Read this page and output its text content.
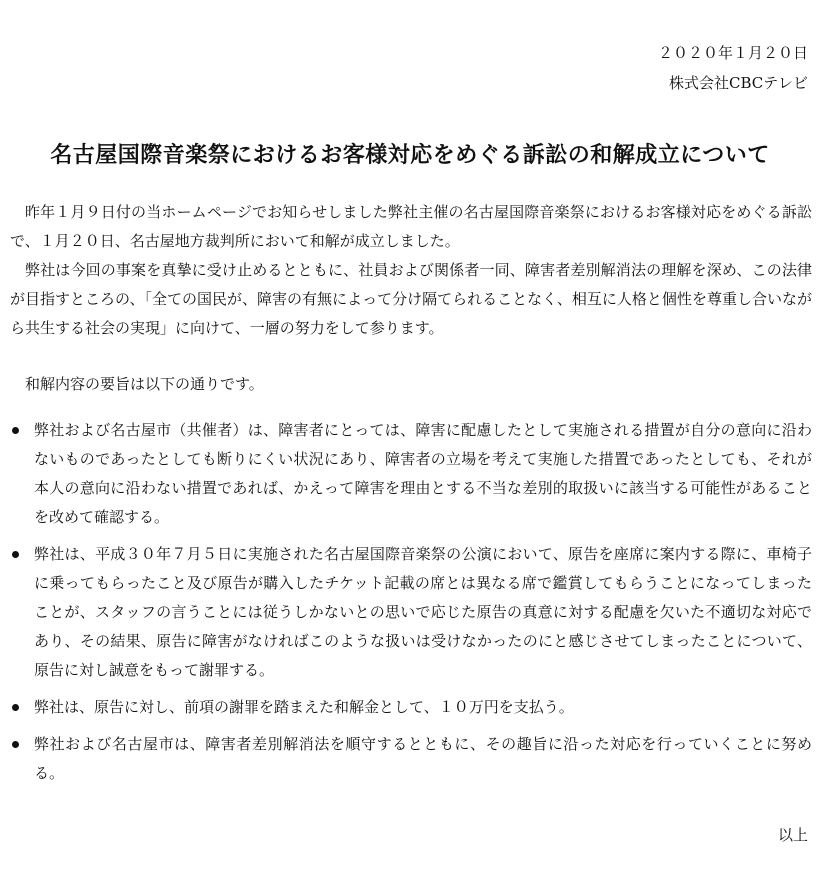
２０２０年１月２０日
株式会社CBCテレビ
名古屋国際音楽祭におけるお客様対応をめぐる訴訟の和解成立について

昨年１月９日付の当ホームページでお知らせしました弊社主催の名古屋国際音楽祭におけるお客様対応をめぐる訴訟で、１月２０日、名古屋地方裁判所において和解が成立しました。

弊社は今回の事案を真摯に受け止めるとともに、社員および関係者一同、障害者差別解消法の理解を深め、この法律が目指すところの、「全ての国民が、障害の有無によって分け隔てられることなく、相互に人格と個性を尊重し合いながら共生する社会の実現」に向けて、一層の努力をして参ります。

和解内容の要旨は以下の通りです。

弊社および名古屋市（共催者）は、障害者にとっては、障害に配慮したとして実施される措置が自分の意向に沿わないものであったとしても断りにくい状況にあり、障害者の立場を考えて実施した措置であったとしても、それが本人の意向に沿わない措置であれば、かえって障害を理由とする不当な差別的取扱いに該当する可能性があることを改めて確認する。
弊社は、平成３０年７月５日に実施された名古屋国際音楽祭の公演において、原告を座席に案内する際に、車椅子に乗ってもらったこと及び原告が購入したチケット記載の席とは異なる席で鑑賞してもらうことになってしまったことが、スタッフの言うことには従うしかないとの思いで応じた原告の真意に対する配慮を欠いた不適切な対応であり、その結果、原告に障害がなければこのような扱いは受けなかったのにと感じさせてしまったことについて、原告に対し誠意をもって謝罪する。
弊社は、原告に対し、前項の謝罪を踏まえた和解金として、１０万円を支払う。
弊社および名古屋市は、障害者差別解消法を順守するとともに、その趣旨に沿った対応を行っていくことに努める。
以上
